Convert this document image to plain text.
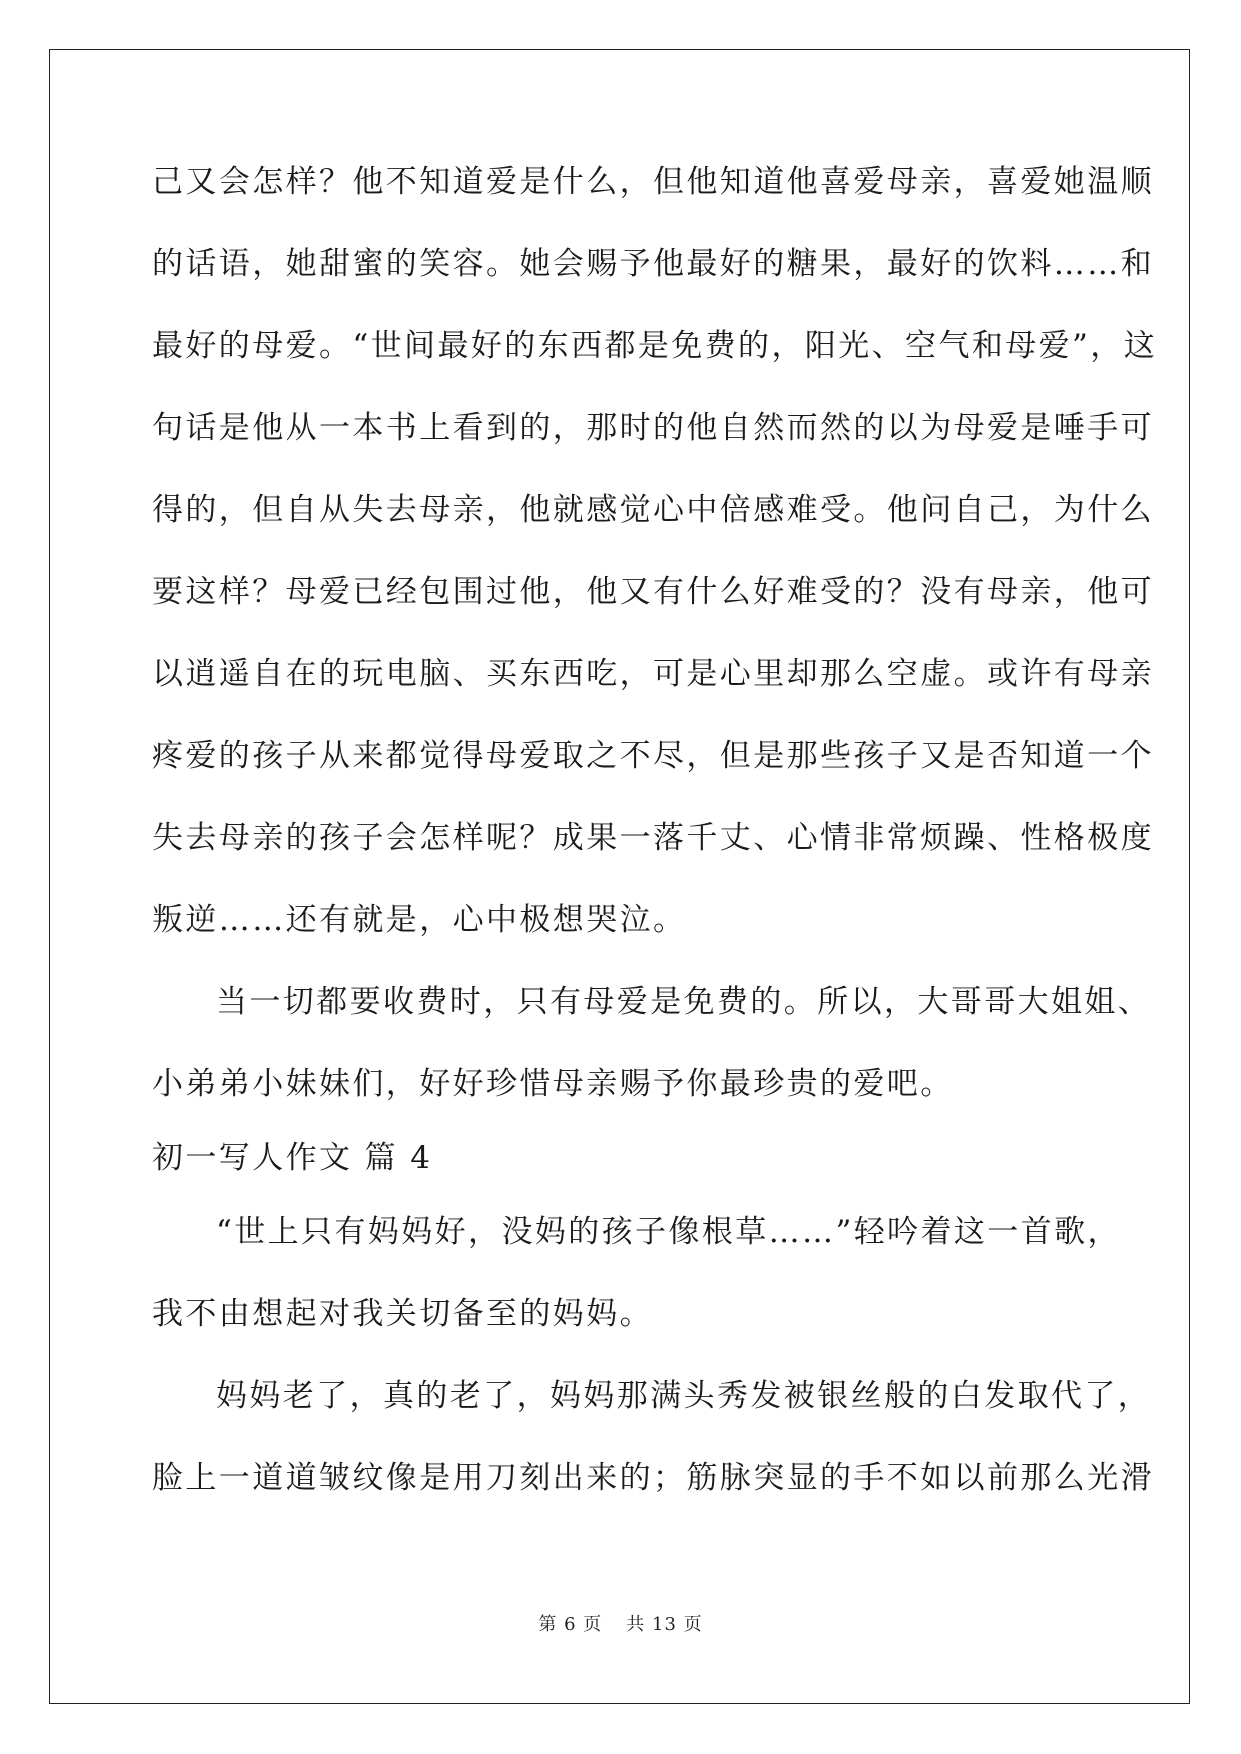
己又会怎样？他不知道爱是什么，但他知道他喜爱母亲，喜爱她温顺
的话语，她甜蜜的笑容。她会赐予他最好的糖果，最好的饮料……和
最好的母爱。“世间最好的东西都是免费的，阳光、空气和母爱”，这
句话是他从一本书上看到的，那时的他自然而然的以为母爱是唾手可
得的，但自从失去母亲，他就感觉心中倍感难受。他问自己，为什么
要这样？母爱已经包围过他，他又有什么好难受的？没有母亲，他可
以逍遥自在的玩电脑、买东西吃，可是心里却那么空虚。或许有母亲
疼爱的孩子从来都觉得母爱取之不尽，但是那些孩子又是否知道一个
失去母亲的孩子会怎样呢？成果一落千丈、心情非常烦躁、性格极度
叛逆……还有就是，心中极想哭泣。
当一切都要收费时，只有母爱是免费的。所以，大哥哥大姐姐、
小弟弟小妹妹们，好好珍惜母亲赐予你最珍贵的爱吧。
初一写人作文 篇 4
“世上只有妈妈好，没妈的孩子像根草……”轻吟着这一首歌，
我不由想起对我关切备至的妈妈。
妈妈老了，真的老了，妈妈那满头秀发被银丝般的白发取代了，
脸上一道道皱纹像是用刀刻出来的；筋脉突显的手不如以前那么光滑
第 6 页 共 13 页
